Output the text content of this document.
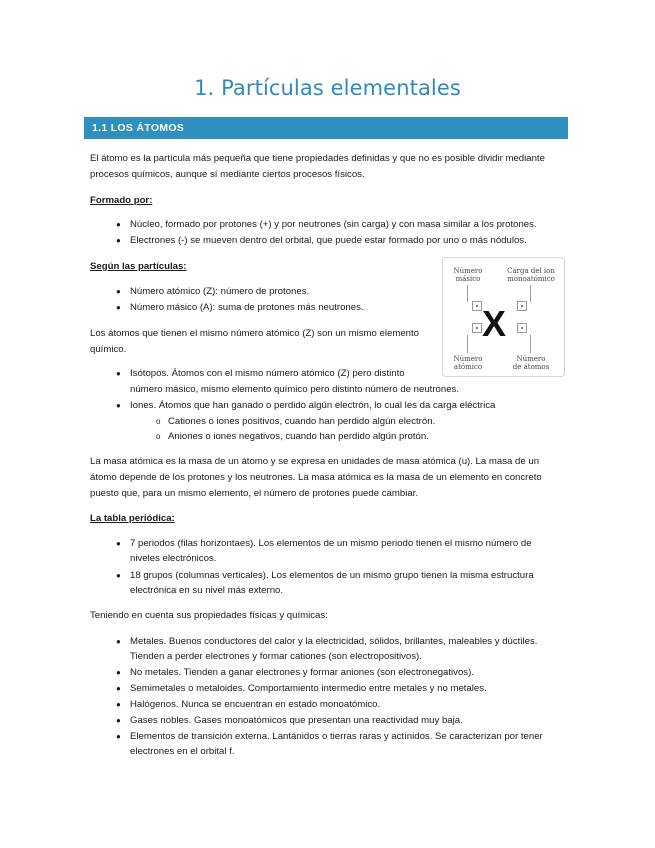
1. Partículas elementales
1.1 LOS ÁTOMOS

El átomo es la partícula más pequeña que tiene propiedades definidas y que no es posible dividir mediante

procesos químicos, aunque sí mediante ciertos procesos físicos.

Formado por:

● Núcleo, formado por protones (+) y por neutrones (sin carga) y con masa similar a los protones.
● Electrones (-) se mueven dentro del orbital, que puede estar formado por uno o más nódulos.

Según las partículas:

● Número atómico (Z): número de protones.
● Número másico (A): suma de protones más neutrones.

Los átomos que tienen el mismo número atómico (Z) son un mismo elemento

químico.

● Isótopos. Átomos con el mismo número atómico (Z) pero distinto
número másico, mismo elemento químico pero distinto número de neutrones.
● Iones. Átomos que han ganado o perdido algún electrón, lo cual les da carga eléctrica
o Cationes o iones positivos, cuando han perdido algún electrón.
o Aniones o iones negativos, cuando han perdido algún protón.

La masa atómica es la masa de un átomo y se expresa en unidades de masa atómica (u). La masa de un

átomo depende de los protones y los neutrones. La masa atómica es la masa de un elemento en concreto

puesto que, para un mismo elemento, el número de protones puede cambiar.

La tabla periódica:

● 7 periodos (filas horizontaes). Los elementos de un mismo periodo tienen el mismo número de
niveles electrónicos.
● 18 grupos (columnas verticales). Los elementos de un mismo grupo tienen la misma estructura
electrónica en su nivel más externo.

Teniendo en cuenta sus propiedades físicas y químicas:

● Metales. Buenos conductores del calor y la electricidad, sólidos, brillantes, maleables y dúctiles.
Tienden a perder electrones y formar cationes (son electropositivos).
● No metales. Tienden a ganar electrones y formar aniones (son electronegativos).
● Semimetales o metaloides. Comportamiento intermedio entre metales y no metales.
● Halógenos. Nunca se encuentran en estado monoatómico.
● Gases nobles. Gases monoatómicos que presentan una reactividad muy baja.
● Elementos de transición externa. Lantánidos o tierras raras y actínidos. Se caracterizan por tener
electrones en el orbital f.
Número
másico
Carga del ion
monoatómico
Número
atómico
Número
de átomos
X
